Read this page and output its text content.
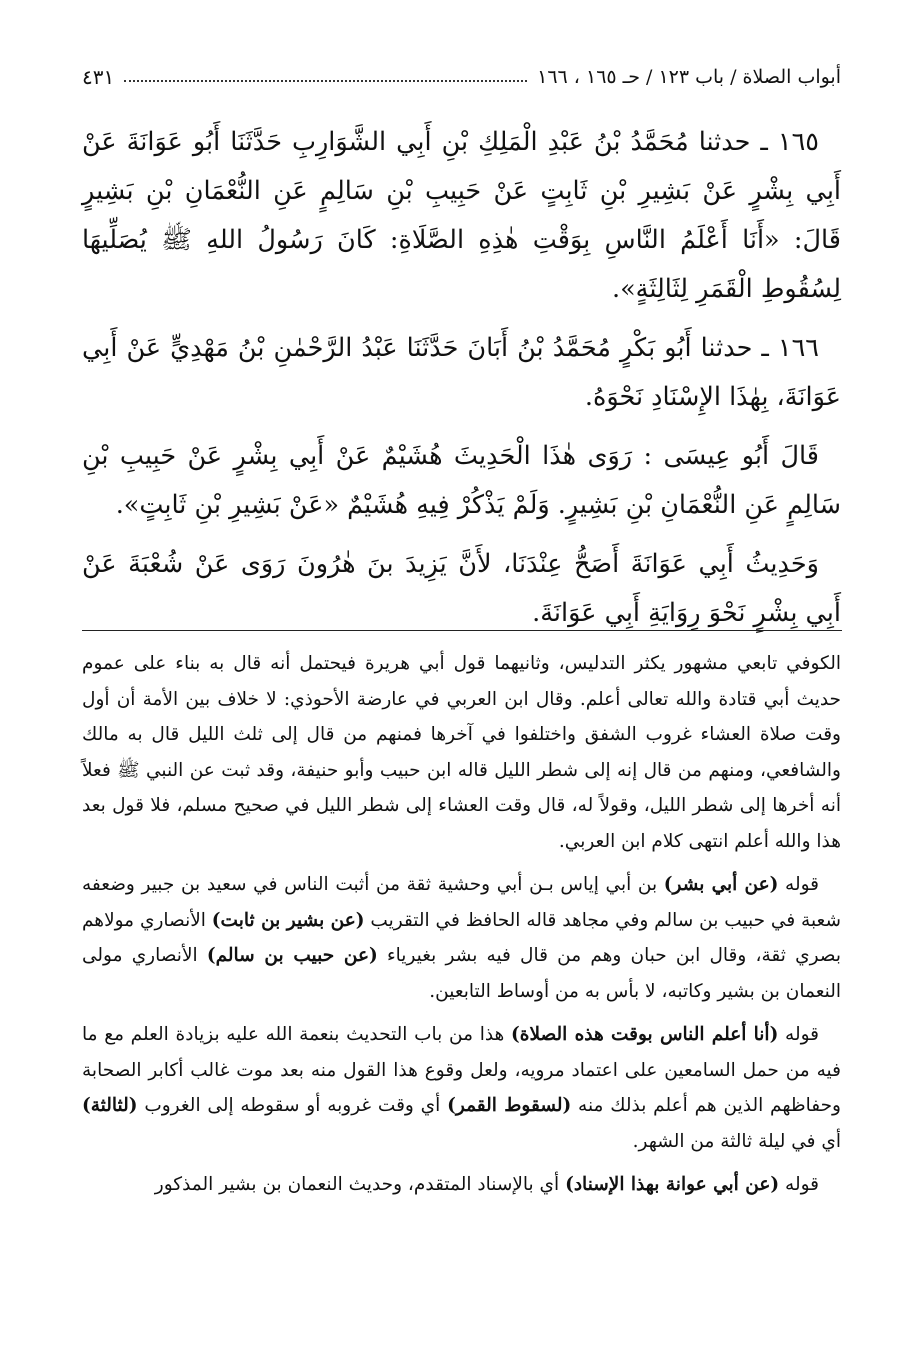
أبواب الصلاة / باب ١٢٣ / حـ ١٦٥ ، ١٦٦
٤٣١

١٦٥ ـ حدثنا مُحَمَّدُ بْنُ عَبْدِ الْمَلِكِ بْنِ أَبِي الشَّوَارِبِ حَدَّثَنَا أَبُو عَوَانَةَ عَنْ أَبِي بِشْرٍ عَنْ بَشِيرِ بْنِ ثَابِتٍ عَنْ حَبِيبِ بْنِ سَالِمٍ عَنِ النُّعْمَانِ بْنِ بَشِيرٍ قَالَ: «أَنَا أَعْلَمُ النَّاسِ بِوَقْتِ هٰذِهِ الصَّلَاةِ: كَانَ رَسُولُ اللهِ ﷺ يُصَلِّيهَا لِسُقُوطِ الْقَمَرِ لِثَالِثَةٍ».

١٦٦ ـ حدثنا أَبُو بَكْرٍ مُحَمَّدُ بْنُ أَبَانَ حَدَّثَنَا عَبْدُ الرَّحْمٰنِ بْنُ مَهْدِيٍّ عَنْ أَبِي عَوَانَةَ، بِهٰذَا الإِسْنَادِ نَحْوَهُ.

قَالَ أَبُو عِيسَى : رَوَى هٰذَا الْحَدِيثَ هُشَيْمٌ عَنْ أَبِي بِشْرٍ عَنْ حَبِيبِ بْنِ سَالِمٍ عَنِ النُّعْمَانِ بْنِ بَشِيرٍ. وَلَمْ يَذْكُرْ فِيهِ هُشَيْمٌ «عَنْ بَشِيرِ بْنِ ثَابِتٍ».

وَحَدِيثُ أَبِي عَوَانَةَ أَصَحُّ عِنْدَنَا، لأَنَّ يَزِيدَ بنَ هٰرُونَ رَوَى عَنْ شُعْبَةَ عَنْ أَبِي بِشْرٍ نَحْوَ رِوَايَةِ أَبِي عَوَانَةَ.

الكوفي تابعي مشهور يكثر التدليس، وثانيهما قول أبي هريرة فيحتمل أنه قال به بناء على عموم حديث أبي قتادة والله تعالى أعلم. وقال ابن العربي في عارضة الأحوذي: لا خلاف بين الأمة أن أول وقت صلاة العشاء غروب الشفق واختلفوا في آخرها فمنهم من قال إلى ثلث الليل قال به مالك والشافعي، ومنهم من قال إنه إلى شطر الليل قاله ابن حبيب وأبو حنيفة، وقد ثبت عن النبي ﷺ فعلاً أنه أخرها إلى شطر الليل، وقولاً له، قال وقت العشاء إلى شطر الليل في صحيح مسلم، فلا قول بعد هذا والله أعلم انتهى كلام ابن العربي.

قوله (عن أبي بشر) بن أبي إياس بـن أبي وحشية ثقة من أثبت الناس في سعيد بن جبير وضعفه شعبة في حبيب بن سالم وفي مجاهد قاله الحافظ في التقريب (عن بشير بن ثابت) الأنصاري مولاهم بصري ثقة، وقال ابن حبان وهم من قال فيه بشر بغيرياء (عن حبيب بن سالم) الأنصاري مولى النعمان بن بشير وكاتبه، لا بأس به من أوساط التابعين.

قوله (أنا أعلم الناس بوقت هذه الصلاة) هذا من باب التحديث بنعمة الله عليه بزيادة العلم مع ما فيه من حمل السامعين على اعتماد مرويه، ولعل وقوع هذا القول منه بعد موت غالب أكابر الصحابة وحفاظهم الذين هم أعلم بذلك منه (لسقوط القمر) أي وقت غروبه أو سقوطه إلى الغروب (لثالثة) أي في ليلة ثالثة من الشهر.

قوله (عن أبي عوانة بهذا الإسناد) أي بالإسناد المتقدم، وحديث النعمان بن بشير المذكور
